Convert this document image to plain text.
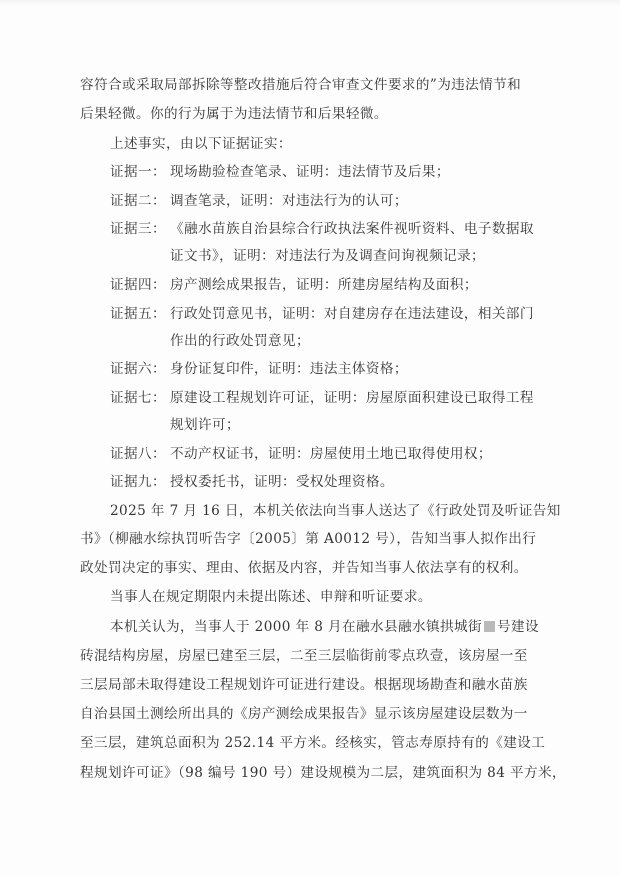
容符合或采取局部拆除等整改措施后符合审查文件要求的”为违法情节和
后果轻微。你的行为属于为违法情节和后果轻微。
上述事实，由以下证据证实：
证据一： 现场勘验检查笔录、证明：违法情节及后果；
证据二： 调查笔录，证明：对违法行为的认可；
证据三： 《融水苗族自治县综合行政执法案件视听资料、电子数据取
证文书》，证明：对违法行为及调查问询视频记录；
证据四： 房产测绘成果报告，证明：所建房屋结构及面积；
证据五： 行政处罚意见书，证明：对自建房存在违法建设，相关部门
作出的行政处罚意见；
证据六： 身份证复印件，证明：违法主体资格；
证据七： 原建设工程规划许可证，证明：房屋原面积建设已取得工程
规划许可；
证据八： 不动产权证书，证明：房屋使用土地已取得使用权；
证据九： 授权委托书，证明：受权处理资格。
2025 年 7 月 16 日，本机关依法向当事人送达了《行政处罚及听证告知
书》（柳融水综执罚听告字〔2005〕第 A0012 号），告知当事人拟作出行
政处罚决定的事实、理由、依据及内容，并告知当事人依法享有的权利。
当事人在规定期限内未提出陈述、申辩和听证要求。
本机关认为，当事人于 2000 年 8 月在融水县融水镇拱城街 号建设
砖混结构房屋，房屋已建至三层，二至三层临街前零点玖壹，该房屋一至
三层局部未取得建设工程规划许可证进行建设。根据现场勘查和融水苗族
自治县国土测绘所出具的《房产测绘成果报告》显示该房屋建设层数为一
至三层，建筑总面积为 252.14 平方米。经核实，管志寿原持有的《建设工
程规划许可证》（98 编号 190 号）建设规模为二层，建筑面积为 84 平方米，
